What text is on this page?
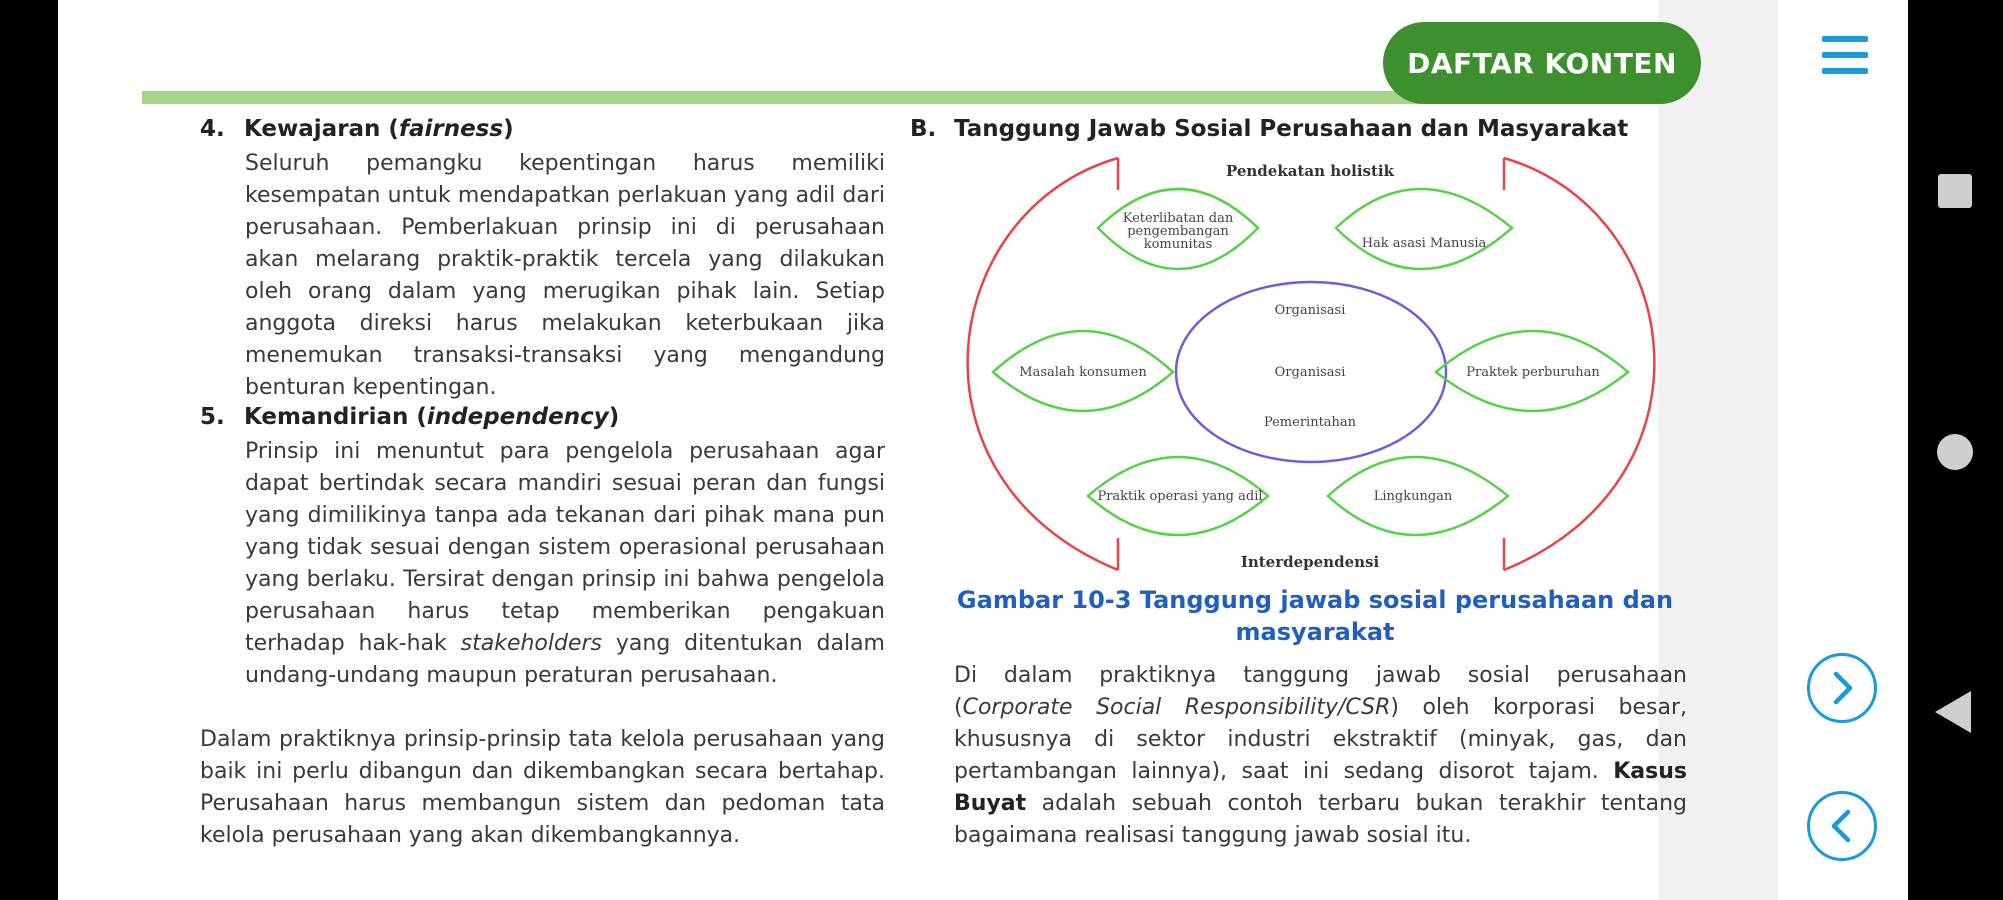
DAFTAR KONTEN
4. Kewajaran (fairness)
Seluruh pemangku kepentingan harus memiliki kesempatan untuk mendapatkan perlakuan yang adil dari perusahaan. Pemberlakuan prinsip ini di perusahaan akan melarang praktik-praktik tercela yang dilakukan oleh orang dalam yang merugikan pihak lain. Setiap anggota direksi harus melakukan keterbukaan jika menemukan transaksi-transaksi yang mengandung benturan kepentingan.
5. Kemandirian (independency)
Prinsip ini menuntut para pengelola perusahaan agar dapat bertindak secara mandiri sesuai peran dan fungsi yang dimilikinya tanpa ada tekanan dari pihak mana pun yang tidak sesuai dengan sistem operasional perusahaan yang berlaku. Tersirat dengan prinsip ini bahwa pengelola perusahaan harus tetap memberikan pengakuan terhadap hak-hak stakeholders yang ditentukan dalam undang-undang maupun peraturan perusahaan.
Dalam praktiknya prinsip-prinsip tata kelola perusahaan yang baik ini perlu dibangun dan dikembangkan secara bertahap. Perusahaan harus membangun sistem dan pedoman tata kelola perusahaan yang akan dikembangkannya.
B. Tanggung Jawab Sosial Perusahaan dan Masyarakat
Pendekatan holistik
Interdependensi
Keterlibatan dan pengembangan komunitas	Hak asasi Manusia
Masalah konsumen	Praktek perburuhan
Praktik operasi yang adil	Lingkungan
Organisasi
Organisasi
Pemerintahan
Gambar 10-3 Tanggung jawab sosial perusahaan dan masyarakat
Di dalam praktiknya tanggung jawab sosial perusahaan (Corporate Social Responsibility/CSR) oleh korporasi besar, khususnya di sektor industri ekstraktif (minyak, gas, dan pertambangan lainnya), saat ini sedang disorot tajam. Kasus Buyat adalah sebuah contoh terbaru bukan terakhir tentang bagaimana realisasi tanggung jawab sosial itu.
